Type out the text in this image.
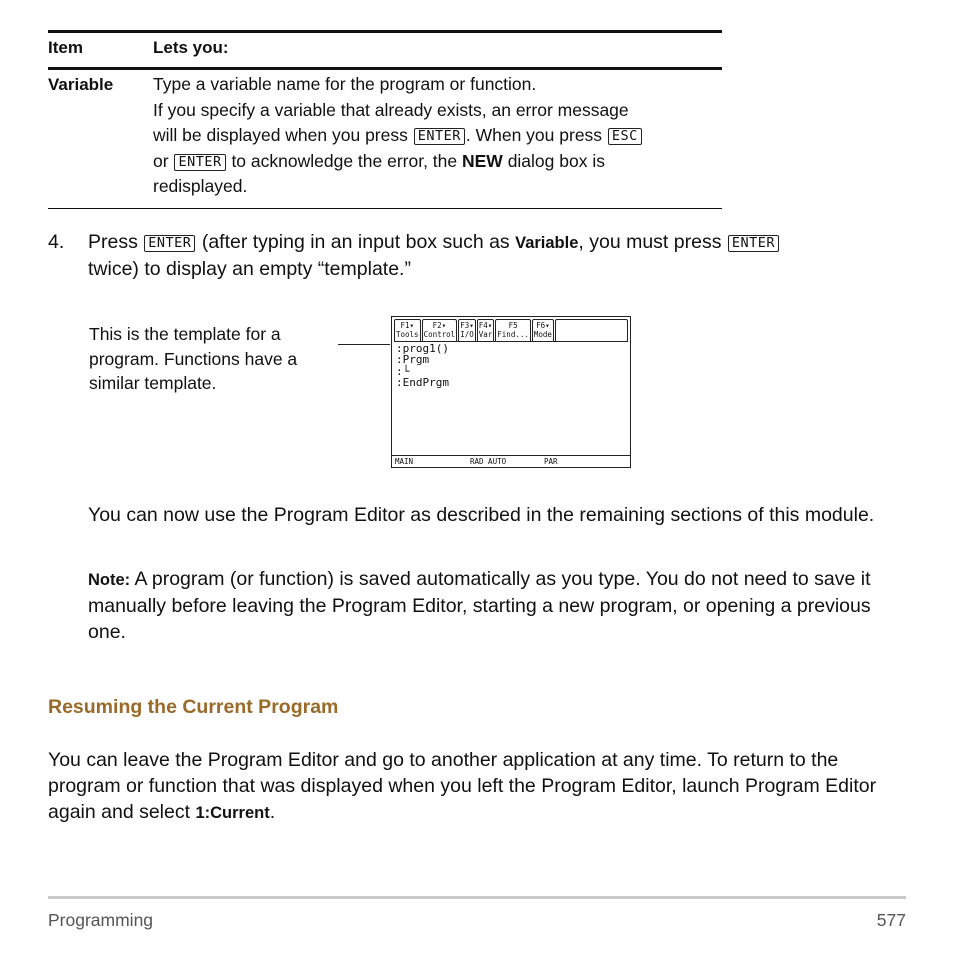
Item	Lets you:
Variable Type a variable name for the program or function.
If you specify a variable that already exists, an error message
will be displayed when you press ENTER . When you press ESC
or ENTER to acknowledge the error, the NEW dialog box is
redisplayed.
4. Press ENTER (after typing in an input box such as Variable, you must press ENTER
twice) to display an empty “template.”
This is the template for a program. Functions have a similar template.
F1▾
Tools
F2▾
Control
F3▾
I/O
F4▾
Var
F5
Find...
F6▾
Mode
:prog1()
:Prgm
:└
:EndPrgm
MAIN	RAD AUTO	PAR
You can now use the Program Editor as described in the remaining sections of this module.
Note: A program (or function) is saved automatically as you type. You do not need to save it manually before leaving the Program Editor, starting a new program, or opening a previous one.
Resuming the Current Program
You can leave the Program Editor and go to another application at any time. To return to the program or function that was displayed when you left the Program Editor, launch Program Editor again and select 1:Current.
Programming	577
